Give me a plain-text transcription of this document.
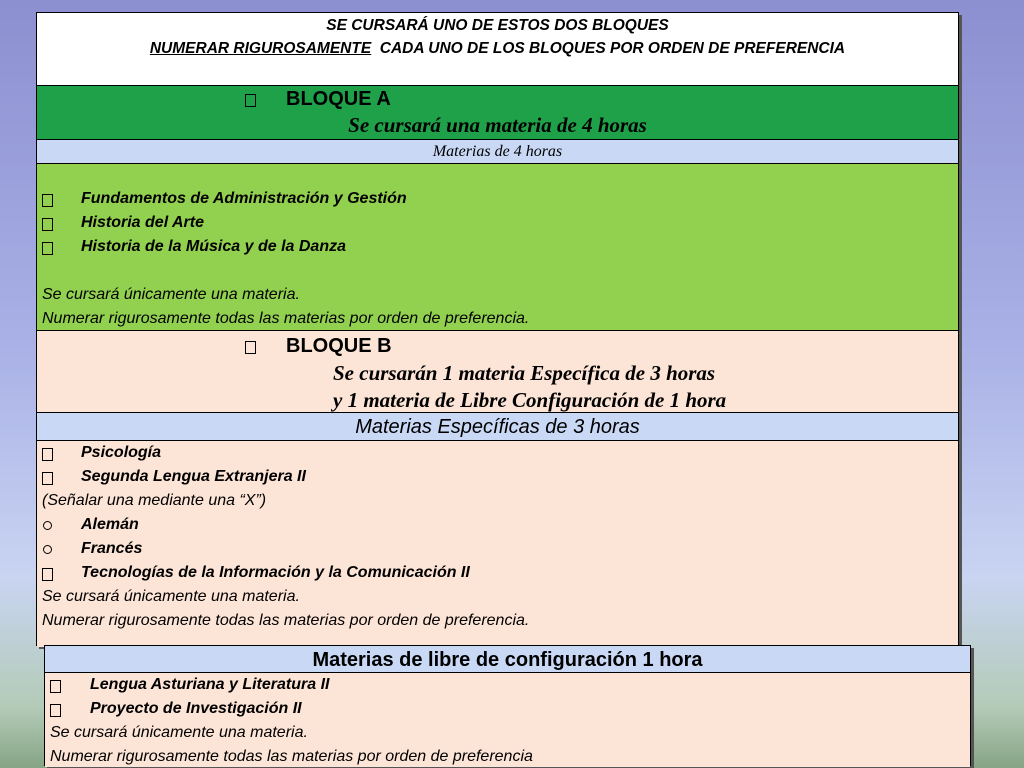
SE CURSARÁ UNO DE ESTOS DOS BLOQUES
NUMERAR RIGUROSAMENTE  CADA UNO DE LOS BLOQUES POR ORDEN DE PREFERENCIA
BLOQUE A
Se cursará una materia de 4 horas
Materias de 4 horas
Fundamentos de Administración y Gestión
Historia del Arte
Historia de la Música y de la Danza
Se cursará únicamente una materia.
Numerar rigurosamente todas las materias por orden de preferencia.
BLOQUE B
Se cursarán 1 materia Específica de 3 horas
y 1 materia de Libre Configuración de 1 hora
Materias Específicas de 3 horas
Psicología
Segunda Lengua Extranjera II
(Señalar una mediante una “X”)
Alemán
Francés
Tecnologías de la Información y la Comunicación II
Se cursará únicamente una materia.
Numerar rigurosamente todas las materias por orden de preferencia.
Materias de libre de configuración 1 hora
Lengua Asturiana y Literatura II
Proyecto de Investigación II
Se cursará únicamente una materia.
Numerar rigurosamente todas las materias por orden de preferencia
